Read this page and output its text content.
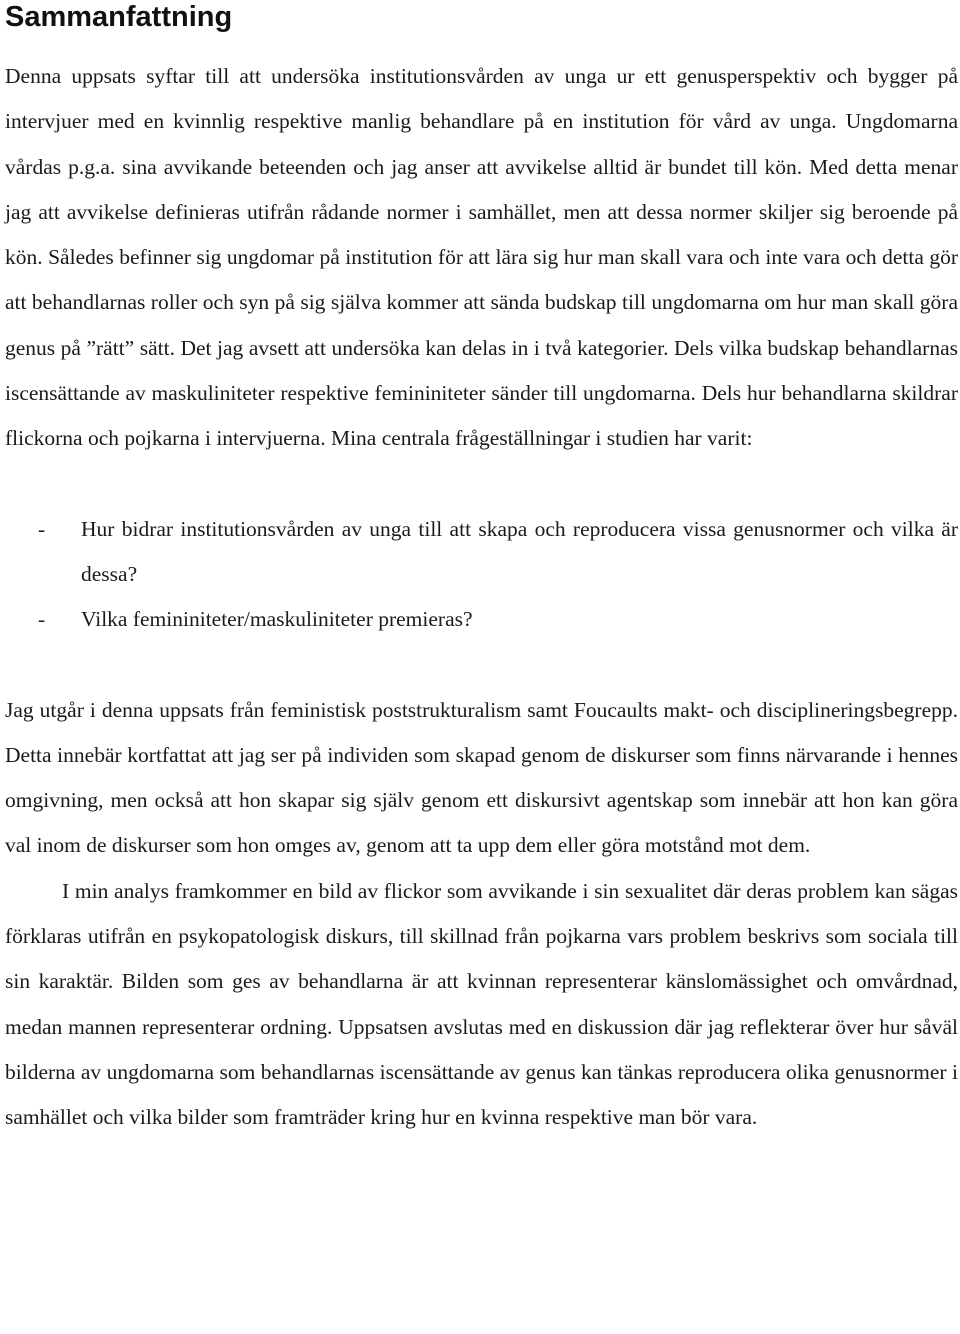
Sammanfattning

Denna uppsats syftar till att undersöka institutionsvården av unga ur ett genusperspektiv och bygger på intervjuer med en kvinnlig respektive manlig behandlare på en institution för vård av unga. Ungdomarna vårdas p.g.a. sina avvikande beteenden och jag anser att avvikelse alltid är bundet till kön. Med detta menar jag att avvikelse definieras utifrån rådande normer i samhället, men att dessa normer skiljer sig beroende på kön. Således befinner sig ungdomar på institution för att lära sig hur man skall vara och inte vara och detta gör att behandlarnas roller och syn på sig själva kommer att sända budskap till ungdomarna om hur man skall göra genus på ”rätt” sätt. Det jag avsett att undersöka kan delas in i två kategorier. Dels vilka budskap behandlarnas iscensättande av maskuliniteter respektive femininiteter sänder till ungdomarna. Dels hur behandlarna skildrar flickorna och pojkarna i intervjuerna. Mina centrala frågeställningar i studien har varit:

- Hur bidrar institutionsvården av unga till att skapa och reproducera vissa genusnormer och vilka är dessa?
- Vilka femininiteter/maskuliniteter premieras?

Jag utgår i denna uppsats från feministisk poststrukturalism samt Foucaults makt- och disciplineringsbegrepp. Detta innebär kortfattat att jag ser på individen som skapad genom de diskurser som finns närvarande i hennes omgivning, men också att hon skapar sig själv genom ett diskursivt agentskap som innebär att hon kan göra val inom de diskurser som hon omges av, genom att ta upp dem eller göra motstånd mot dem.

I min analys framkommer en bild av flickor som avvikande i sin sexualitet där deras problem kan sägas förklaras utifrån en psykopatologisk diskurs, till skillnad från pojkarna vars problem beskrivs som sociala till sin karaktär. Bilden som ges av behandlarna är att kvinnan representerar känslomässighet och omvårdnad, medan mannen representerar ordning. Uppsatsen avslutas med en diskussion där jag reflekterar över hur såväl bilderna av ungdomarna som behandlarnas iscensättande av genus kan tänkas reproducera olika genusnormer i samhället och vilka bilder som framträder kring hur en kvinna respektive man bör vara.
